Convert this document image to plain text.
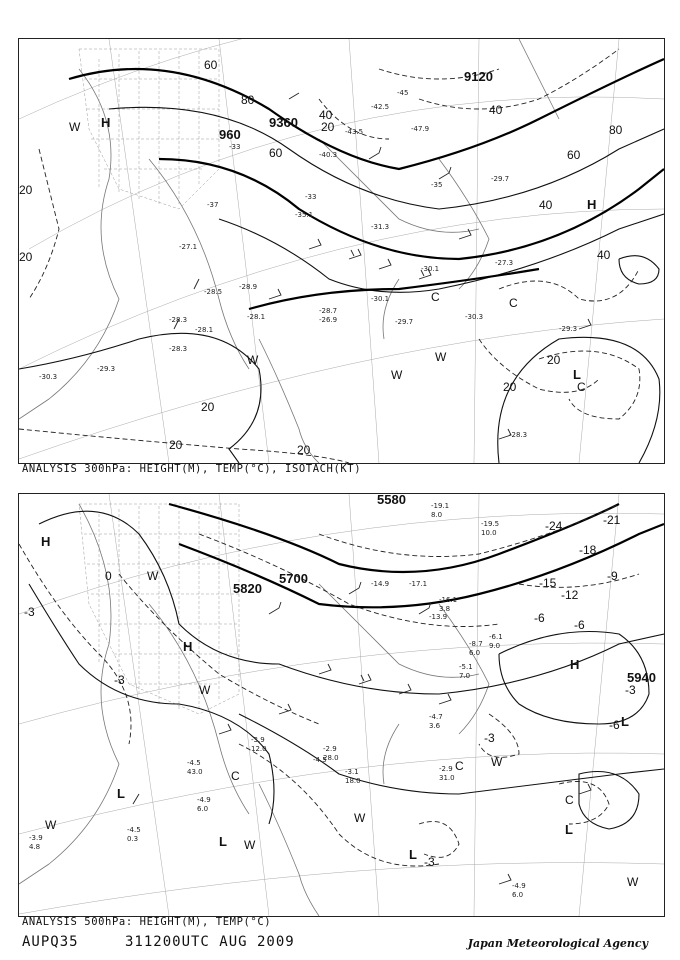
9120
9360
960
60
80
60
40
20
40
20
20
20
20
40
20
20
20
40
60
80
H
H
L
W
W
W
W
C	C
C
-27.1
-28.5
-28.1
-28.9
-30.1
-29.7
-30.3
-29.3
-28.3
-28.3
-28.1
-26.9
-28.7
-27.3
-30.1
-31.3
-33
-35.1
-37
-40.3
-43.5
-42.5
-45
-47.9
-33
-35
-29.7
-30.3
-29.3
-28.3
ANALYSIS 300hPa: HEIGHT(M), TEMP(°C), ISOTACH(KT)
5580
5820
5700
5940
-3
0
-3
-6
-9
-12
-15
-18
-21
-24
-3
-6
-3
-6
-3
H
H
H
L
L
L
L
L
W
W
W
W
W
W
W
C
C
C
-4.9
6.0
-2.9
31.0
-4.5
-3.1
18.0
-2.9
28.0
-4.5
43.0
-3.9
12.0
-4.7
3.6
-5.1
7.0
-6.1
9.0
-8.7
6.0
-13.9
-16.1
3.8
-14.9	-17.1
-19.1
8.0
-19.5
10.0
-3.9
4.8
-4.9
6.0
-4.5
0.3
ANALYSIS 500hPa: HEIGHT(M), TEMP(°C)
AUPQ35	311200UTC AUG 2009	Japan Meteorological Agency
